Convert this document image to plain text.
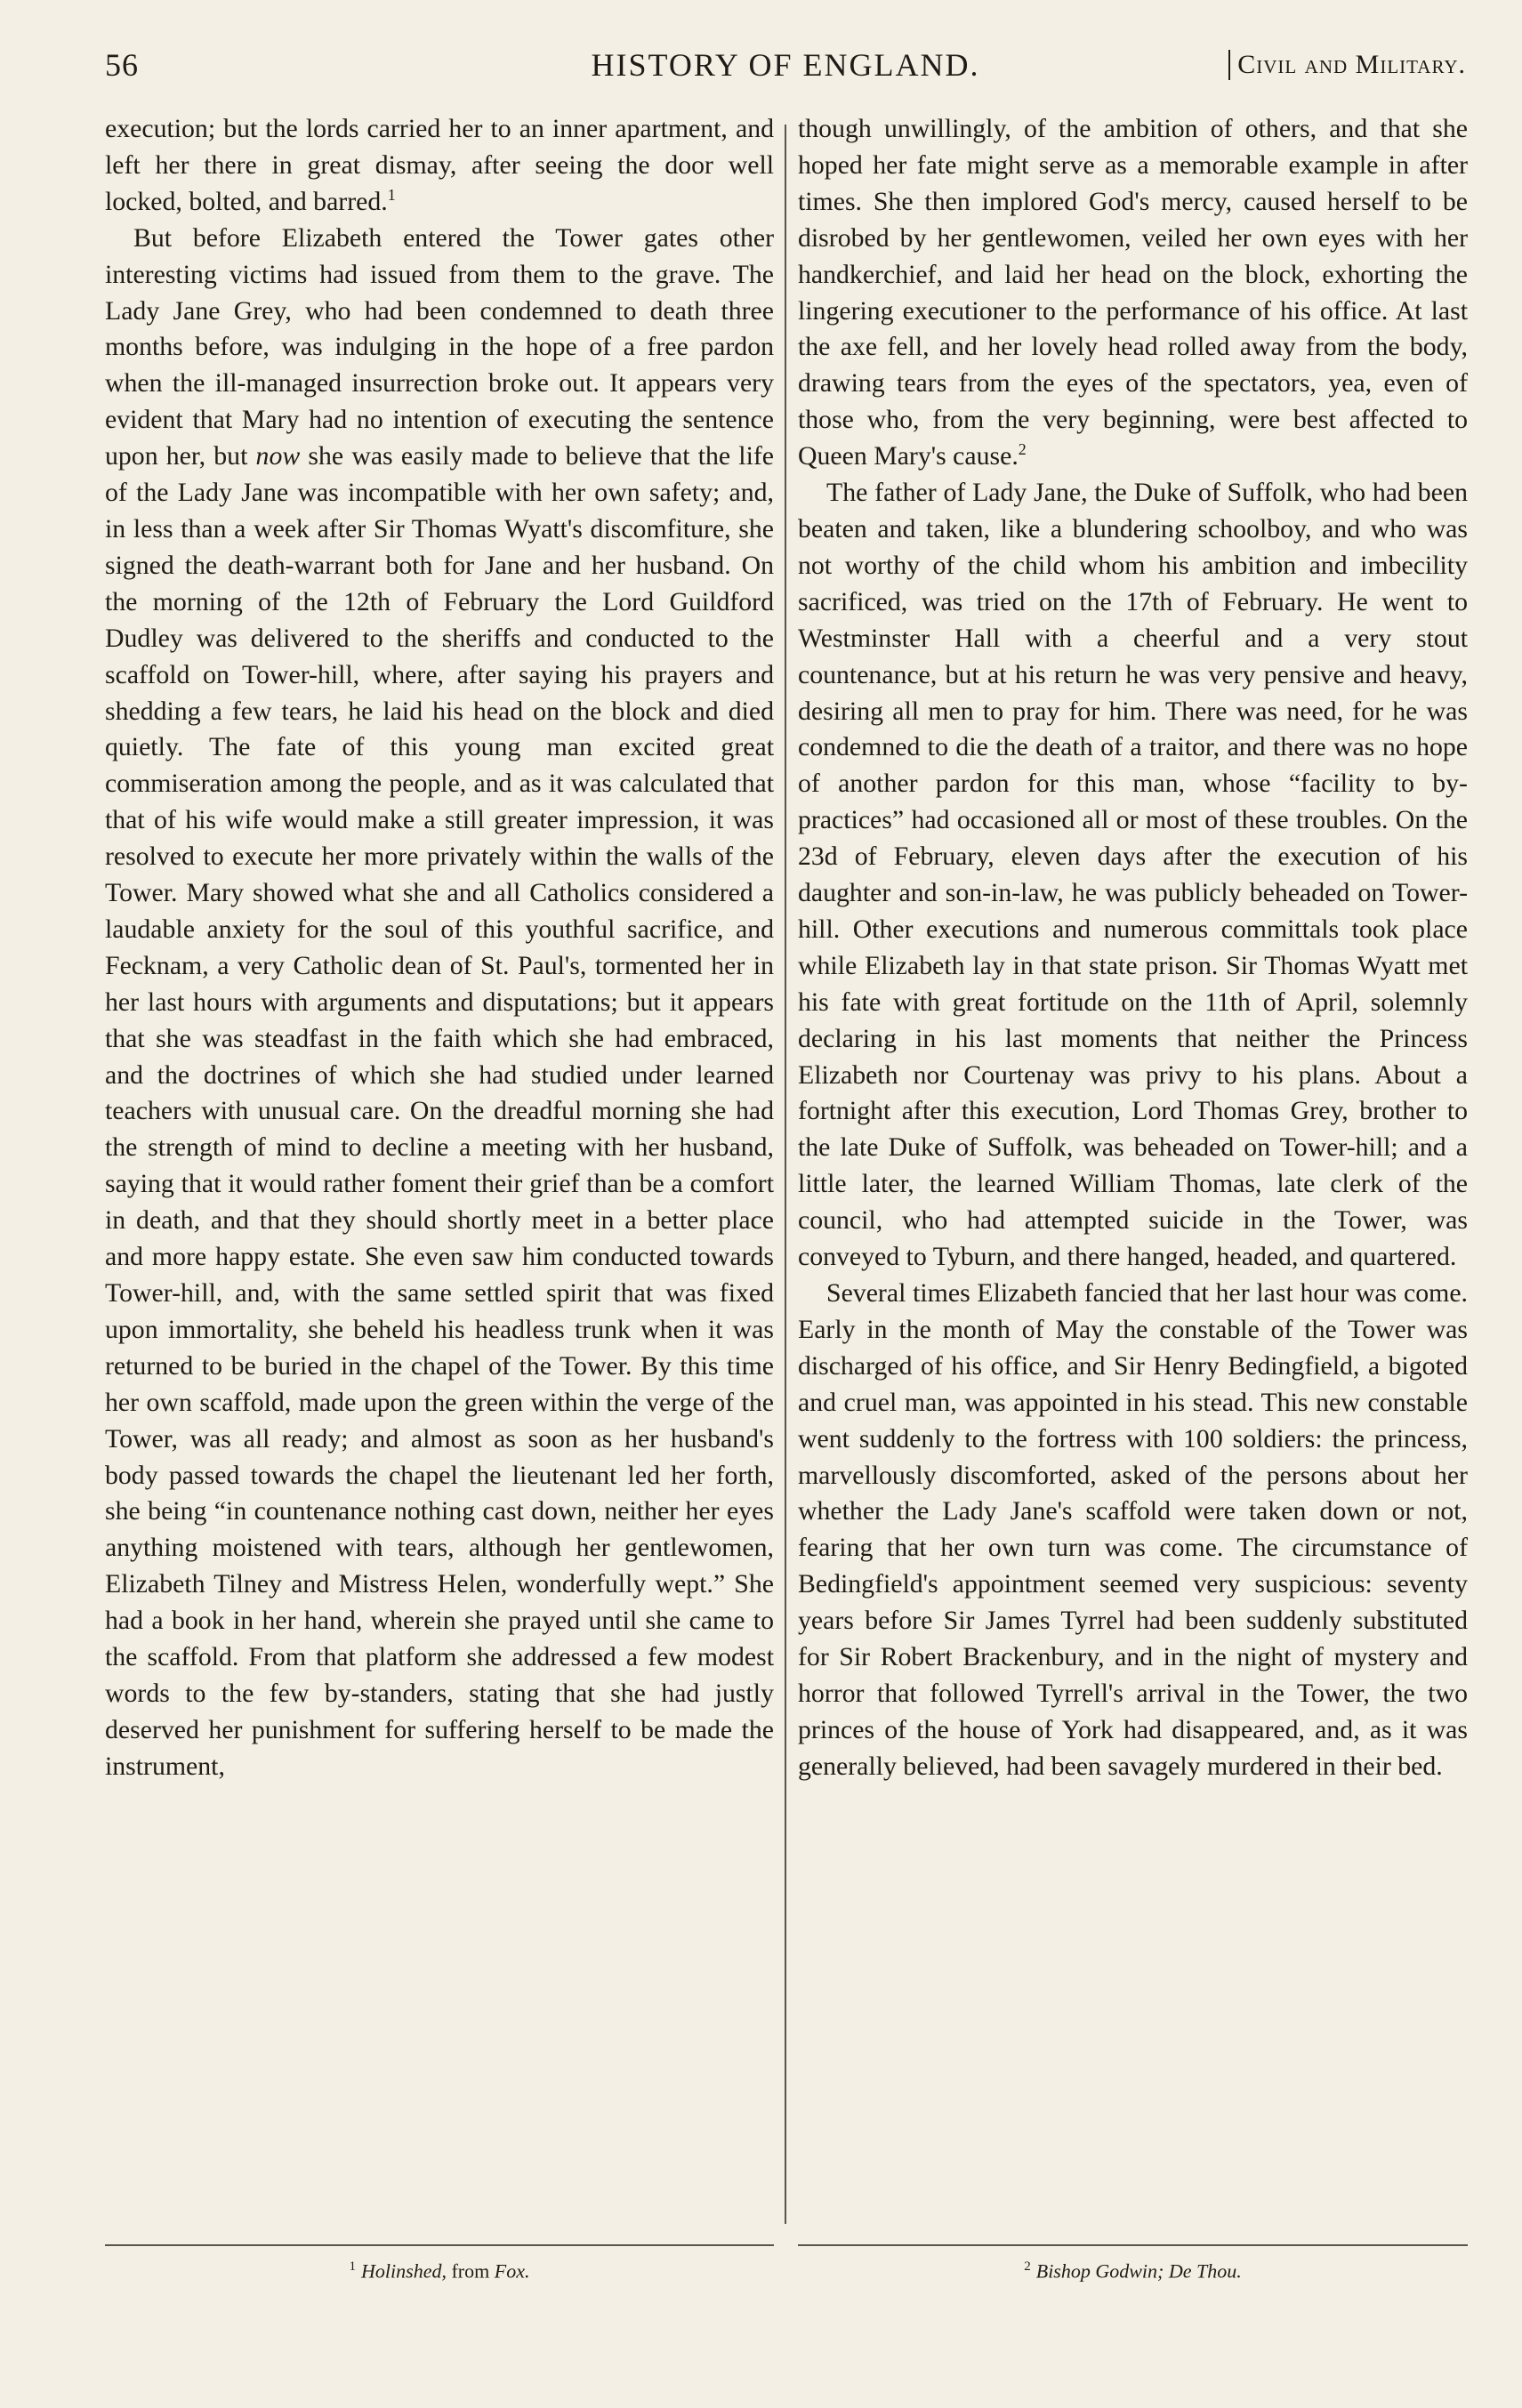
56	HISTORY OF ENGLAND.	Civil and Military.

execution; but the lords carried her to an inner apartment, and left her there in great dismay, after seeing the door well locked, bolted, and barred.$^1$

But before Elizabeth entered the Tower gates other interesting victims had issued from them to the grave. The Lady Jane Grey, who had been condemned to death three months before, was indulging in the hope of a free pardon when the ill-managed insurrection broke out. It appears very evident that Mary had no intention of executing the sentence upon her, but now she was easily made to believe that the life of the Lady Jane was incompatible with her own safety; and, in less than a week after Sir Thomas Wyatt's discomfiture, she signed the death-warrant both for Jane and her husband. On the morning of the 12th of February the Lord Guildford Dudley was delivered to the sheriffs and conducted to the scaffold on Tower-hill, where, after saying his prayers and shedding a few tears, he laid his head on the block and died quietly. The fate of this young man excited great commiseration among the people, and as it was calculated that that of his wife would make a still greater impression, it was resolved to execute her more privately within the walls of the Tower. Mary showed what she and all Catholics considered a laudable anxiety for the soul of this youthful sacrifice, and Fecknam, a very Catholic dean of St. Paul's, tormented her in her last hours with arguments and disputations; but it appears that she was steadfast in the faith which she had embraced, and the doctrines of which she had studied under learned teachers with unusual care. On the dreadful morning she had the strength of mind to decline a meeting with her husband, saying that it would rather foment their grief than be a comfort in death, and that they should shortly meet in a better place and more happy estate. She even saw him conducted towards Tower-hill, and, with the same settled spirit that was fixed upon immortality, she beheld his headless trunk when it was returned to be buried in the chapel of the Tower. By this time her own scaffold, made upon the green within the verge of the Tower, was all ready; and almost as soon as her husband's body passed towards the chapel the lieutenant led her forth, she being “in countenance nothing cast down, neither her eyes anything moistened with tears, although her gentlewomen, Elizabeth Tilney and Mistress Helen, wonderfully wept.” She had a book in her hand, wherein she prayed until she came to the scaffold. From that platform she addressed a few modest words to the few by-standers, stating that she had justly deserved her punishment for suffering herself to be made the instrument,

though unwillingly, of the ambition of others, and that she hoped her fate might serve as a memorable example in after times. She then implored God's mercy, caused herself to be disrobed by her gentlewomen, veiled her own eyes with her handkerchief, and laid her head on the block, exhorting the lingering executioner to the performance of his office. At last the axe fell, and her lovely head rolled away from the body, drawing tears from the eyes of the spectators, yea, even of those who, from the very beginning, were best affected to Queen Mary's cause.$^2$

The father of Lady Jane, the Duke of Suffolk, who had been beaten and taken, like a blundering schoolboy, and who was not worthy of the child whom his ambition and imbecility sacrificed, was tried on the 17th of February. He went to Westminster Hall with a cheerful and a very stout countenance, but at his return he was very pensive and heavy, desiring all men to pray for him. There was need, for he was condemned to die the death of a traitor, and there was no hope of another pardon for this man, whose “facility to by-practices” had occasioned all or most of these troubles. On the 23d of February, eleven days after the execution of his daughter and son-in-law, he was publicly beheaded on Tower-hill. Other executions and numerous committals took place while Elizabeth lay in that state prison. Sir Thomas Wyatt met his fate with great fortitude on the 11th of April, solemnly declaring in his last moments that neither the Princess Elizabeth nor Courtenay was privy to his plans. About a fortnight after this execution, Lord Thomas Grey, brother to the late Duke of Suffolk, was beheaded on Tower-hill; and a little later, the learned William Thomas, late clerk of the council, who had attempted suicide in the Tower, was conveyed to Tyburn, and there hanged, headed, and quartered.

Several times Elizabeth fancied that her last hour was come. Early in the month of May the constable of the Tower was discharged of his office, and Sir Henry Bedingfield, a bigoted and cruel man, was appointed in his stead. This new constable went suddenly to the fortress with 100 soldiers: the princess, marvellously discomforted, asked of the persons about her whether the Lady Jane's scaffold were taken down or not, fearing that her own turn was come. The circumstance of Bedingfield's appointment seemed very suspicious: seventy years before Sir James Tyrrel had been suddenly substituted for Sir Robert Brackenbury, and in the night of mystery and horror that followed Tyrrell's arrival in the Tower, the two princes of the house of York had disappeared, and, as it was generally believed, had been savagely murdered in their bed.

$^1$ Holinshed, from Fox.	$^2$ Bishop Godwin; De Thou.
